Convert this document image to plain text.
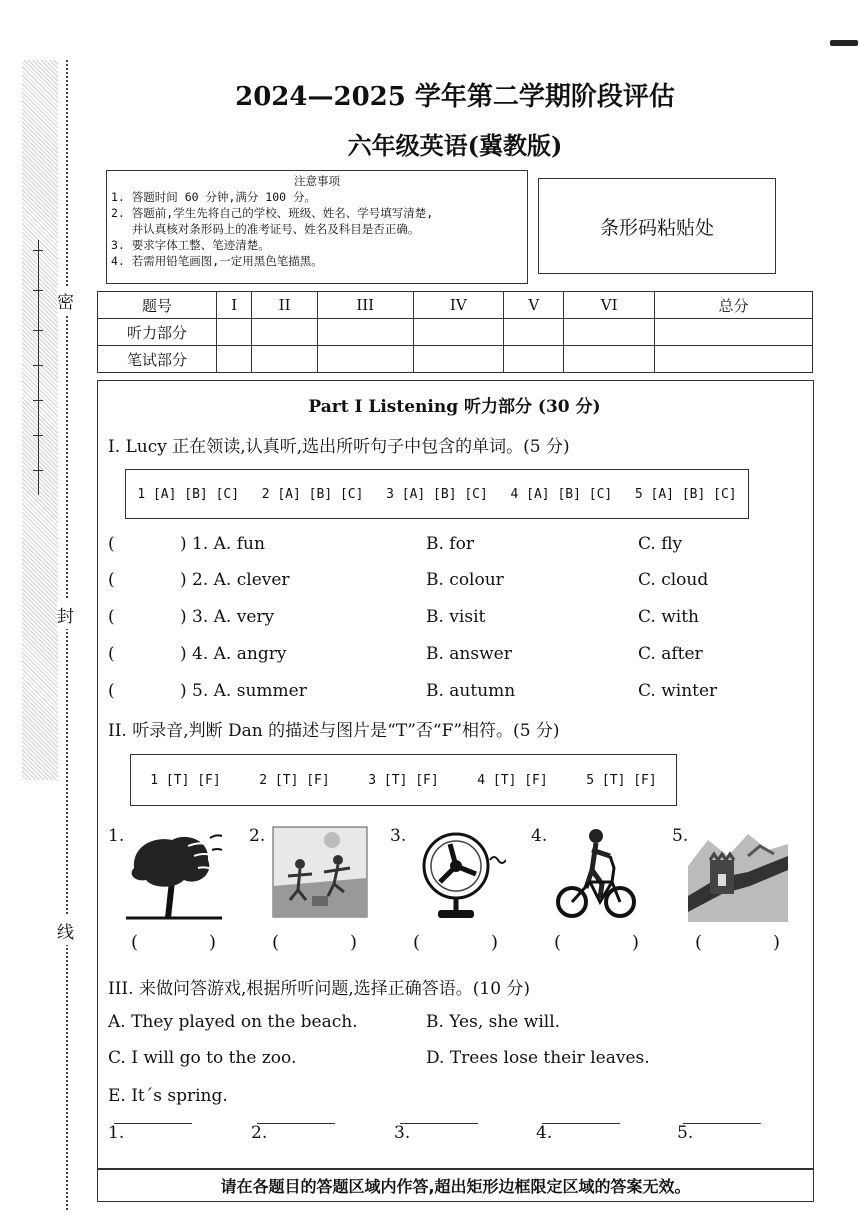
密
封
线
2024—2025 学年第二学期阶段评估
六年级英语(冀教版)
注意事项
1. 答题时间 60 分钟,满分 100 分。
2. 答题前,学生先将自己的学校、班级、姓名、学号填写清楚,
并认真核对条形码上的准考证号、姓名及科目是否正确。
3. 要求字体工整、笔迹清楚。
4. 若需用铅笔画图,一定用黑色笔描黑。
条形码粘贴处
题号	I	II	III	IV	V	VI	总分
听力部分							
笔试部分							
Part I Listening 听力部分 (30 分)
I. Lucy 正在领读,认真听,选出所听句子中包含的单词。(5 分)
1 [A] [B] [C] 2 [A] [B] [C] 3 [A] [B] [C] 4 [A] [B] [C] 5 [A] [B] [C]
(	) 1. A. fun	B. for	C. fly
(	) 2. A. clever	B. colour	C. cloud
(	) 3. A. very	B. visit	C. with
(	) 4. A. angry	B. answer	C. after
(	) 5. A. summer	B. autumn	C. winter
II. 听录音,判断 Dan 的描述与图片是“T”否“F”相符。(5 分)
1 [T] [F]	2 [T] [F]	3 [T] [F]	4 [T] [F]	5 [T] [F]
1.	2.	3.	4.	5.
(	)	(	)	(	)	(	)	(	)
III. 来做问答游戏,根据所听问题,选择正确答语。(10 分)
A. They played on the beach.	B. Yes, she will.
C. I will go to the zoo.	D. Trees lose their leaves.
E. It´s spring.
1.	2.	3.	4.	5.
请在各题目的答题区域内作答,超出矩形边框限定区域的答案无效。
